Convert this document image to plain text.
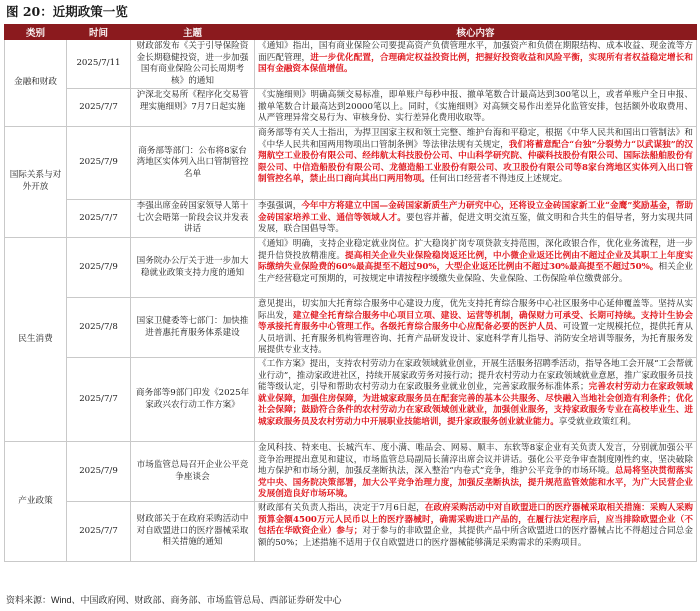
图 20：近期政策一览
类别	时间	主题	核心内容

金融和财政	2025/7/11	财政部发布《关于引导保险资金长期稳健投资，进一步加强国有商业保险公司长周期考核》的通知	《通知》指出，国有商业保险公司要提高资产负债管理水平，加强资产和负债在期限结构、成本收益、现金流等方面匹配管理，进一步优化配置，合理确定权益投资比例，把握好投资收益和风险平衡，实现所有者权益稳定增长和国有金融资本保值增值。

2025/7/7	沪深北交易所《程序化交易管理实施细则》7月7日起实施	《实施细则》明确高频交易标准，即单账户每秒申报、撤单笔数合计最高达到300笔以上，或者单账户全日申报、撤单笔数合计最高达到20000笔以上。同时，《实施细则》对高频交易作出差异化监管安排，包括额外收取费用、从严管理异常交易行为、审核身份、实行差异化费用收取等。

国际关系与对外开放	2025/7/9	商务部等部门：公布将8家台湾地区实体列入出口管制管控名单	商务部等有关人士指出，为捍卫国家主权和领土完整、维护台海和平稳定，根据《中华人民共和国出口管制法》和《中华人民共和国两用物项出口管制条例》等法律法规有关规定，我们将蓄意配合“台独”分裂势力“以武谋独”的汉翔航空工业股份有限公司、经纬航太科技股份公司、中山科学研究院、仲碳科技股份有限公司、国际法船舶股份有限公司、中信造船股份有限公司、龙德造船工业股份有限公司、攻卫股份有限公司等8家台湾地区实体列入出口管制管控名单，禁止出口商向其出口两用物项。任何出口经营者不得违反上述规定。

2025/7/7	李强出席金砖国家领导人第十七次会晤第一阶段会议并发表讲话	李强强调，今年中方将建立中国—金砖国家新质生产力研究中心，还将设立金砖国家新工业“金鹰”奖励基金，帮助金砖国家培养工业、通信等领域人才。要包容并蓄，促进文明交流互鉴，做文明和合共生的倡导者，努力实现共同发展，联合国倡导等。

民生消费	2025/7/9	国务院办公厅关于进一步加大稳就业政策支持力度的通知	《通知》明确，支持企业稳定就业岗位。扩大稳岗扩岗专项贷款支持范围，深化政银合作，优化业务流程，进一步提升信贷投放精准度。提高相关企业失业保险稳岗返还比例，中小微企业返还比例由不超过企业及其职工上年度实际缴纳失业保险费的60%最高提至不超过90%，大型企业返还比例由不超过30%最高提至不超过50%。相关企业生产经营稳定可预期的，可按规定申请按程序缓缴失业保险、失业保险、工伤保险单位缴费部分。

2025/7/8	国家卫健委等七部门：加快推进普惠托育服务体系建设	意见提出，切实加大托育综合服务中心建设力度，优先支持托育综合服务中心社区服务中心延伸覆盖等。坚持从实际出发，建立健全托育综合服务中心项目立项、建设、运营等机制，确保财力可承受、长期可持续。支持计生协会等承接托育服务中心管理工作。各级托育综合服务中心应配备必要的医护人员、可设置一定规模托位，提供托育从人员培训、托育服务机构管理咨询、托育产品研发设计、家庭科学育儿指导、消防安全培训等服务，为托育服务发展提供专业支持。

2025/7/7	商务部等9部门印发《2025年家政兴农行动工作方案》	《工作方案》提出，支持农村劳动力在家政领域就业创业，开展生活服务招聘季活动，指导各地工会开展“工会帮就业行动”，推动家政进社区，持续开展家政劳务对接行动；提升农村劳动力在家政领域就业意愿，推广家政服务员技能等级认定，引导和帮助农村劳动力在家政服务业就业创业，完善家政服务标准体系；完善农村劳动力在家政领域就业保障，加强住房保障，为进城家政服务员在配套完善的基本公共服务、尽快融入当地社会创造有利条件；优化社会保障；鼓励符合条件的农村劳动力在家政领域创业就业，加强创业服务，支持家政服务专业在高校毕业生、进城家政服务员及农村劳动力中开展职业技能培训，提升家政服务创业就业能力。享受就业政策红利。

产业政策	2025/7/9	市场监管总局召开企业公平竞争座谈会	金风科技、特来电、长城汽车、度小满、唯品会、网易、顺丰、东软等8家企业有关负责人发言，分别就加强公平竞争治理提出意见和建议，市场监管总局副局长蒲淳出席会议并讲话。强化公平竞争审查制度刚性约束，坚决破除地方保护和市场分割，加强反垄断执法，深入整治“内卷式”竞争，维护公平竞争的市场环境。总局将坚决贯彻落实党中央、国务院决策部署，加大公平竞争治理力度，加强反垄断执法，提升规范监管效能和水平，为广大民营企业发展创造良好市场环境。

2025/7/7	财政部关于在政府采购活动中对自欧盟进口的医疗器械采取相关措施的通知	财政部有关负责人指出，决定于7月6日起，在政府采购活动中对自欧盟进口的医疗器械采取相关措施：采购人采购预算金额4500万元人民币以上的医疗器械时，确需采购进口产品的，在履行法定程序后，应当排除欧盟企业（不包括在华欧资企业）参与；对于参与的非欧盟企业，其提供产品中所含欧盟进口的医疗器械占比不得超过合同总金额的50%；上述措施不适用于仅自欧盟进口的医疗器械能够满足采购需求的采购项目。
资料来源：Wind、中国政府网、财政部、商务部、市场监管总局、西部证券研发中心
